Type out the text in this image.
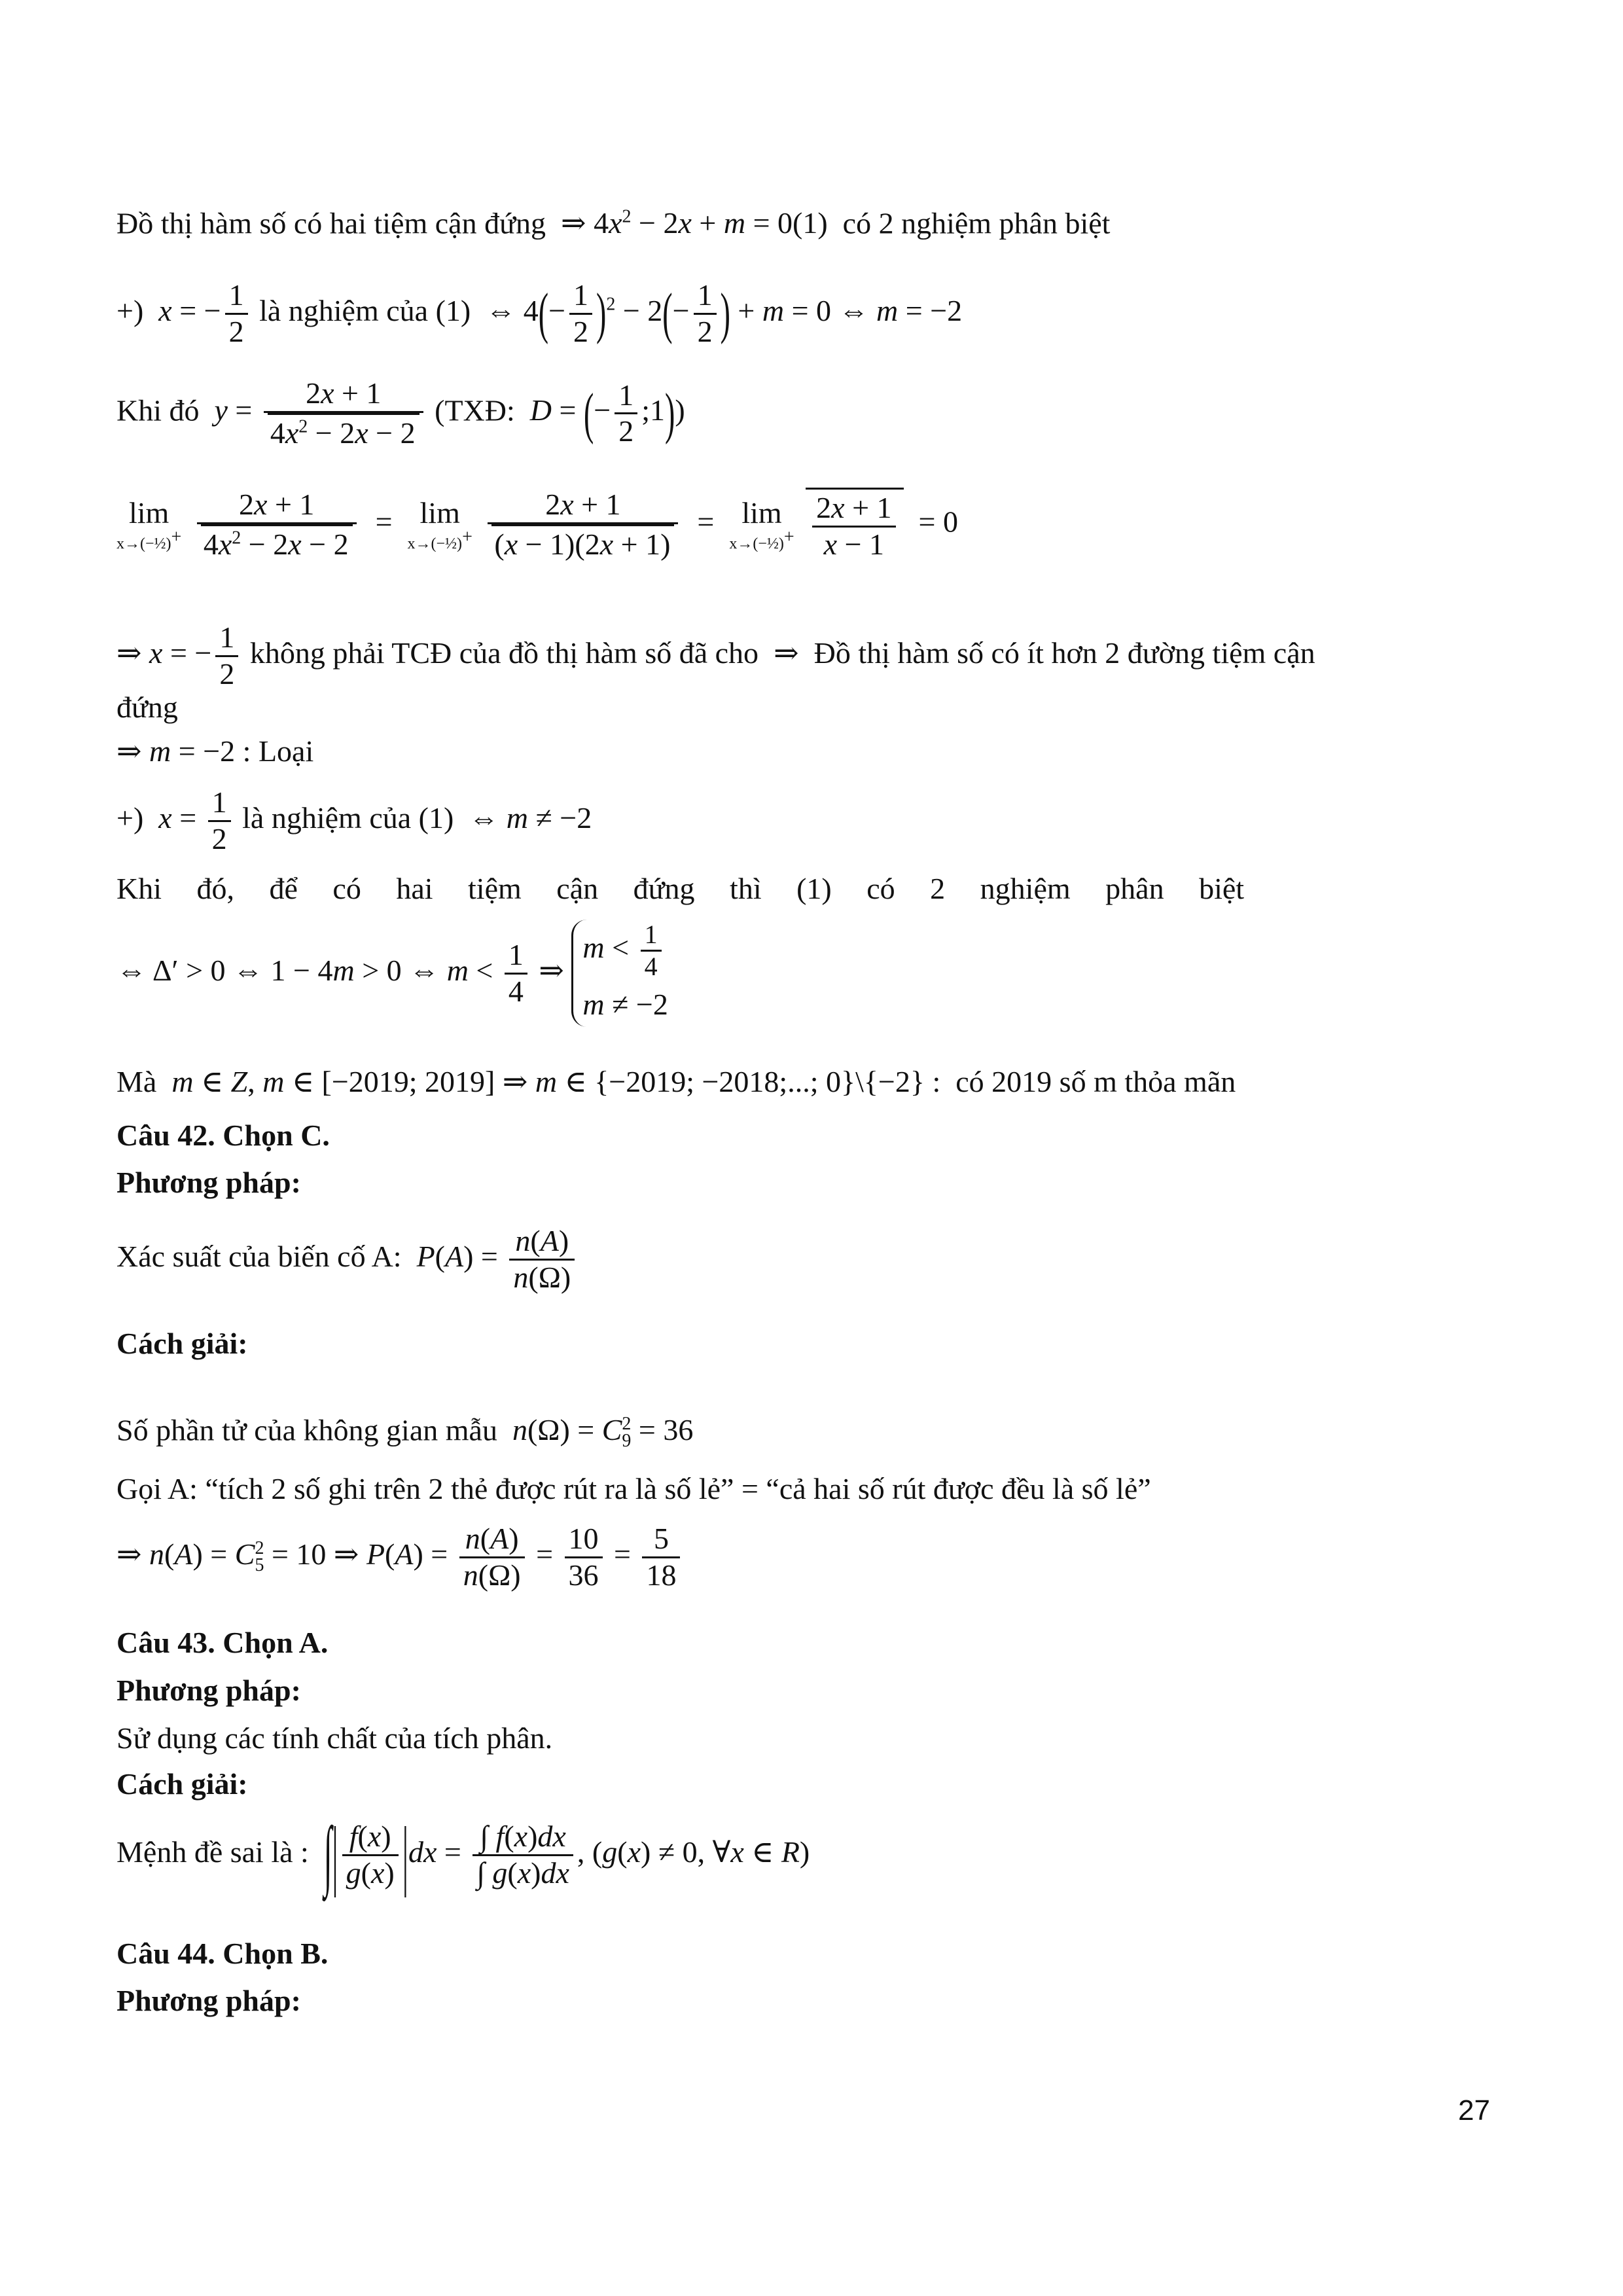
Đồ thị hàm số có hai tiệm cận đứng  ⇒ $4x^2 - 2x + m = 0(1)$  có 2 nghiệm phân biệt
+) x = − $\frac{1}{2}$ là nghiệm của (1)  ⇔ $4(- \frac{1}{2} )^2 - 2(- \frac{1}{2}$ ) + m = 0 ⇔ m = −2
Khi đó $y = \frac{2x + 1}{4x^2 - 2x - 2}$ (TXĐ: D = (− $\frac{1}{2}$ ;1))
lim
x→(−½)+
$\frac{2x + 1}{4x^2 - 2x - 2} = \lim$
x→(−½)+
$\frac{2x + 1}{(x - 1)(2x + 1)} = \lim$
x→(−½)+
$\frac{2x + 1}{x - 1} = 0$
⇒ x = − $\frac{1}{2}$ không phải TCĐ của đồ thị hàm số đã cho  ⇒  Đồ thị hàm số có ít hơn 2 đường tiệm cận
đứng
⇒ m = −2 : Loại
+) $x = \frac{1}{2}$ là nghiệm của (1)  ⇔ m ≠ −2
Khi đó, để có hai tiệm cận đứng thì (1) có 2 nghiệm phân biệt
⇔ Δ′ > 0 ⇔ 1 − 4m > 0 ⇔ $m < \frac{1}{4}$ ⇒
$m < \frac{1}{4}$
m ≠ −2
Mà m ∈ Z, m ∈ [−2019; 2019] ⇒ m ∈ {−2019; −2018;...; 0}\{−2} :  có 2019 số m thỏa mãn
Câu 42. Chọn C.
Phương pháp:
Xác suất của biến cố A: $P(A) = \frac{n(A)}{n(\Omega)}$
Cách giải:
Số phần tử của không gian mẫu $n(\Omega) = C_9^2 = 36$
Gọi A: “tích 2 số ghi trên 2 thẻ được rút ra là số lẻ” = “cả hai số rút được đều là số lẻ”
⇒ $n(A) = C_5^2 = 10$ ⇒ $P(A) = \frac{n(A)}{n(\Omega)} = \frac{10}{36} = \frac{5}{18}$
Câu 43. Chọn A.
Phương pháp:
Sử dụng các tính chất của tích phân.
Cách giải:
Mệnh đề sai là : ∫| $\frac{f(x)}{g(x)} |dx = \frac{\int f(x)dx}{\int g(x)dx}$ , (g(x) ≠ 0, ∀x ∈ R)
Câu 44. Chọn B.
Phương pháp:
27
